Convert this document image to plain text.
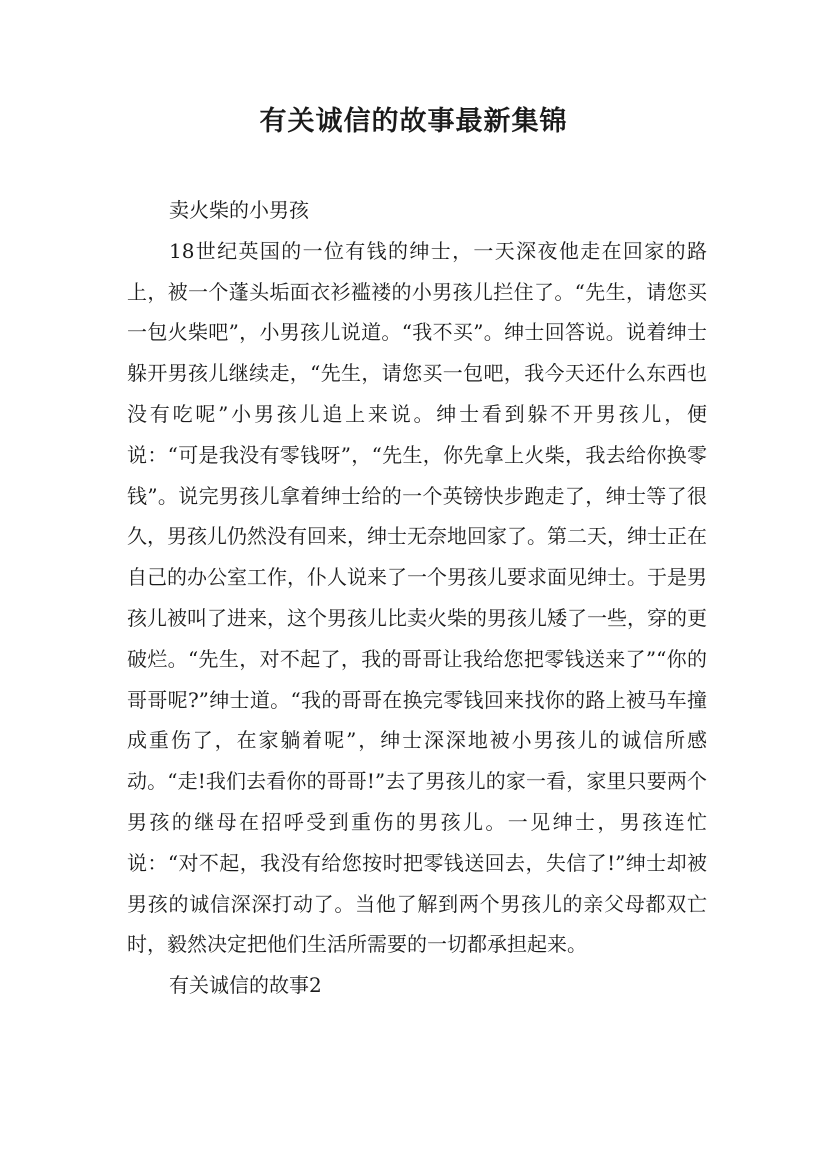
有关诚信的故事最新集锦
卖火柴的小男孩

18世纪英国的一位有钱的绅士，一天深夜他走在回家的路上，被一个蓬头垢面衣衫褴褛的小男孩儿拦住了。“先生，请您买一包火柴吧”，小男孩儿说道。“我不买”。绅士回答说。说着绅士躲开男孩儿继续走，“先生，请您买一包吧，我今天还什么东西也没有吃呢”小男孩儿追上来说。绅士看到躲不开男孩儿，便说：“可是我没有零钱呀”，“先生，你先拿上火柴，我去给你换零钱”。说完男孩儿拿着绅士给的一个英镑快步跑走了，绅士等了很久，男孩儿仍然没有回来，绅士无奈地回家了。第二天，绅士正在自己的办公室工作，仆人说来了一个男孩儿要求面见绅士。于是男孩儿被叫了进来，这个男孩儿比卖火柴的男孩儿矮了一些，穿的更破烂。“先生，对不起了，我的哥哥让我给您把零钱送来了”“你的哥哥呢?”绅士道。“我的哥哥在换完零钱回来找你的路上被马车撞成重伤了，在家躺着呢”，绅士深深地被小男孩儿的诚信所感动。“走!我们去看你的哥哥!”去了男孩儿的家一看，家里只要两个男孩的继母在招呼受到重伤的男孩儿。一见绅士，男孩连忙说：“对不起，我没有给您按时把零钱送回去，失信了!”绅士却被男孩的诚信深深打动了。当他了解到两个男孩儿的亲父母都双亡时，毅然决定把他们生活所需要的一切都承担起来。

有关诚信的故事2
